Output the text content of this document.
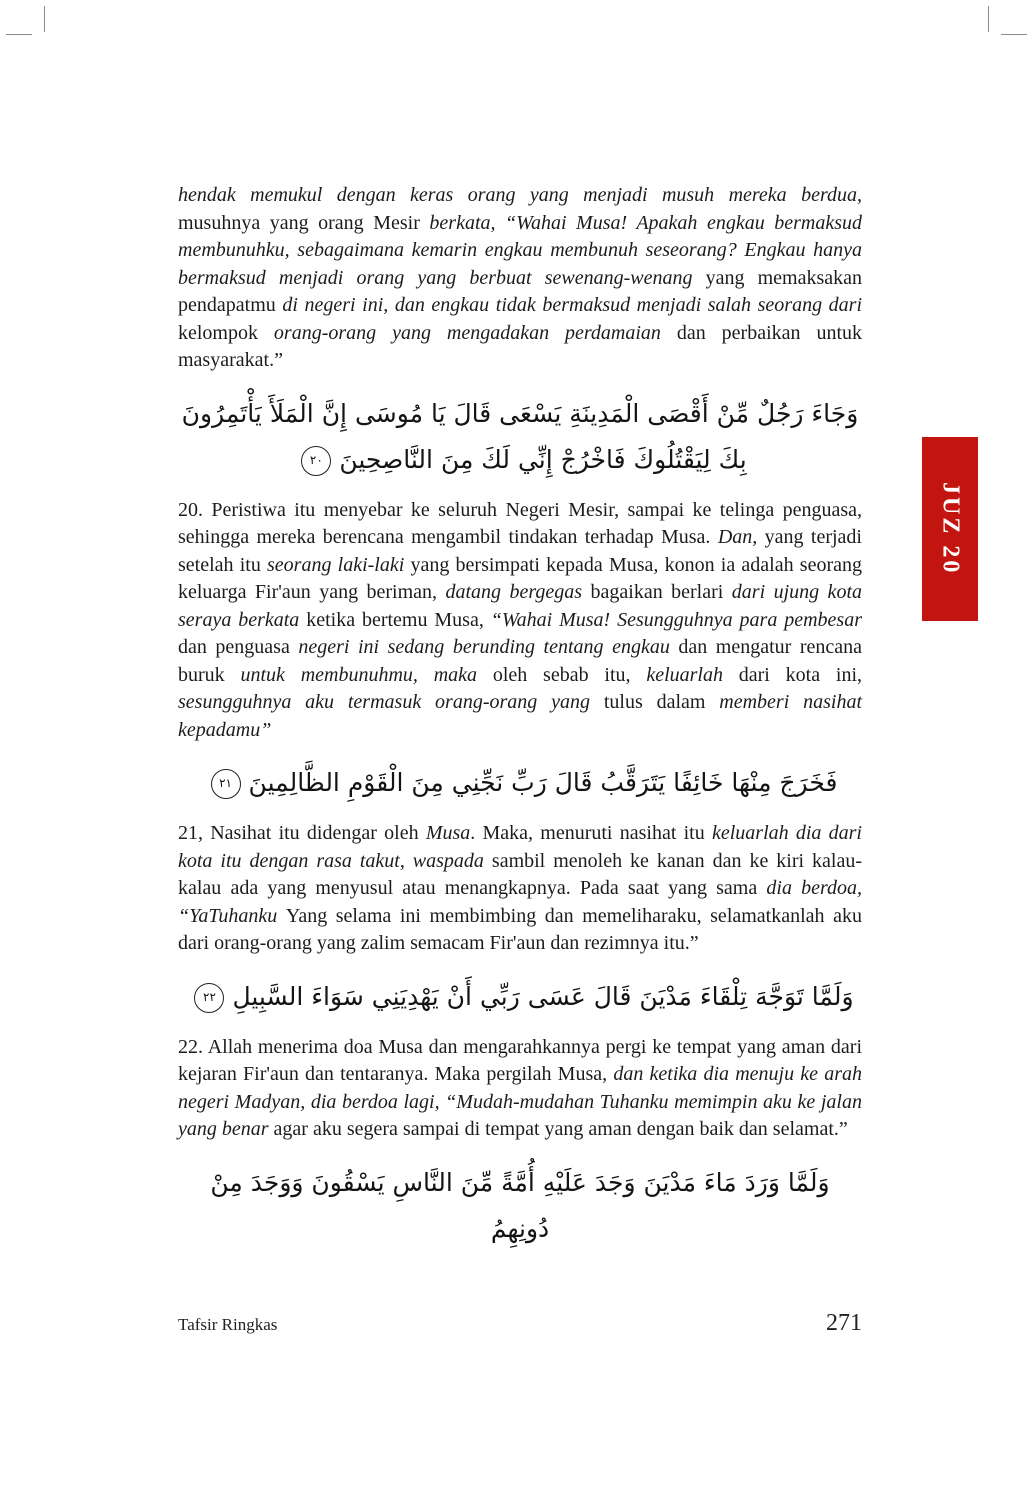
JUZ 20

hendak memukul dengan keras orang yang menjadi musuh mereka berdua, musuhnya yang orang Mesir berkata, “Wahai Musa! Apakah engkau bermaksud membunuhku, sebagaimana kemarin engkau membunuh seseorang? Engkau hanya bermaksud menjadi orang yang berbuat sewenang-wenang yang memaksakan pendapatmu di negeri ini, dan engkau tidak bermaksud menjadi salah seorang dari kelompok orang-orang yang mengadakan perdamaian dan perbaikan untuk masyarakat.”

وَجَاءَ رَجُلٌ مِّنْ أَقْصَى الْمَدِينَةِ يَسْعَى قَالَ يَا مُوسَى إِنَّ الْمَلَأَ يَأْتَمِرُونَ بِكَ لِيَقْتُلُوكَ فَاخْرُجْ إِنِّي لَكَ مِنَ النَّاصِحِينَ٢٠

20. Peristiwa itu menyebar ke seluruh Negeri Mesir, sampai ke telinga penguasa, sehingga mereka berencana mengambil tindakan terhadap Musa. Dan, yang terjadi setelah itu seorang laki-laki yang bersimpati kepada Musa, konon ia adalah seorang keluarga Fir'aun yang beriman, datang bergegas bagaikan berlari dari ujung kota seraya berkata ketika bertemu Musa, “Wahai Musa! Sesungguhnya para pembesar dan penguasa negeri ini sedang berunding tentang engkau dan mengatur rencana buruk untuk membunuhmu, maka oleh sebab itu, keluarlah dari kota ini, sesungguhnya aku termasuk orang-orang yang tulus dalam memberi nasihat kepadamu”

فَخَرَجَ مِنْهَا خَائِفًا يَتَرَقَّبُ قَالَ رَبِّ نَجِّنِي مِنَ الْقَوْمِ الظَّالِمِينَ٢١

21, Nasihat itu didengar oleh Musa. Maka, menuruti nasihat itu keluarlah dia dari kota itu dengan rasa takut, waspada sambil menoleh ke kanan dan ke kiri kalau-kalau ada yang menyusul atau menangkapnya. Pada saat yang sama dia berdoa, “YaTuhanku Yang selama ini membimbing dan memeliharaku, selamatkanlah aku dari orang-orang yang zalim semacam Fir'aun dan rezimnya itu.”

وَلَمَّا تَوَجَّهَ تِلْقَاءَ مَدْيَنَ قَالَ عَسَى رَبِّي أَنْ يَهْدِيَنِي سَوَاءَ السَّبِيلِ٢٢

22. Allah menerima doa Musa dan mengarahkannya pergi ke tempat yang aman dari kejaran Fir'aun dan tentaranya. Maka pergilah Musa, dan ketika dia menuju ke arah negeri Madyan, dia berdoa lagi, “Mudah-mudahan Tuhanku memimpin aku ke jalan yang benar agar aku segera sampai di tempat yang aman dengan baik dan selamat.”

وَلَمَّا وَرَدَ مَاءَ مَدْيَنَ وَجَدَ عَلَيْهِ أُمَّةً مِّنَ النَّاسِ يَسْقُونَ وَوَجَدَ مِنْ دُونِهِمُ
Tafsir Ringkas	271
